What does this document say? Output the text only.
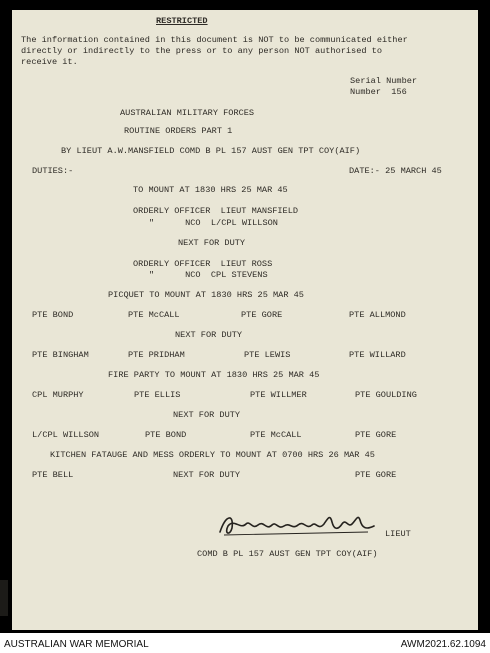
RESTRICTED
The information contained in this document is NOT to be communicated either
directly or indirectly to the press or to any person NOT authorised to
receive it.
Serial Number
Number  156
AUSTRALIAN MILITARY FORCES
ROUTINE ORDERS PART 1
BY LIEUT A.W.MANSFIELD COMD B PL 157 AUST GEN TPT COY(AIF)
DUTIES:-	DATE:- 25 MARCH 45
TO MOUNT AT 1830 HRS 25 MAR 45
ORDERLY OFFICER  LIEUT MANSFIELD
"      NCO  L/CPL WILLSON
NEXT FOR DUTY
ORDERLY OFFICER  LIEUT ROSS
"      NCO  CPL STEVENS
PICQUET TO MOUNT AT 1830 HRS 25 MAR 45
PTE BOND	PTE McCALL	PTE GORE	PTE ALLMOND
NEXT FOR DUTY
PTE BINGHAM	PTE PRIDHAM	PTE LEWIS	PTE WILLARD
FIRE PARTY TO MOUNT AT 1830 HRS 25 MAR 45
CPL MURPHY	PTE ELLIS	PTE WILLMER	PTE GOULDING
NEXT FOR DUTY
L/CPL WILLSON	PTE BOND	PTE McCALL	PTE GORE
KITCHEN FATAUGE AND MESS ORDERLY TO MOUNT AT 0700 HRS 26 MAR 45
PTE BELL	NEXT FOR DUTY	PTE GORE
LIEUT
COMD B PL 157 AUST GEN TPT COY(AIF)
AUSTRALIAN WAR MEMORIAL	AWM2021.62.1094
